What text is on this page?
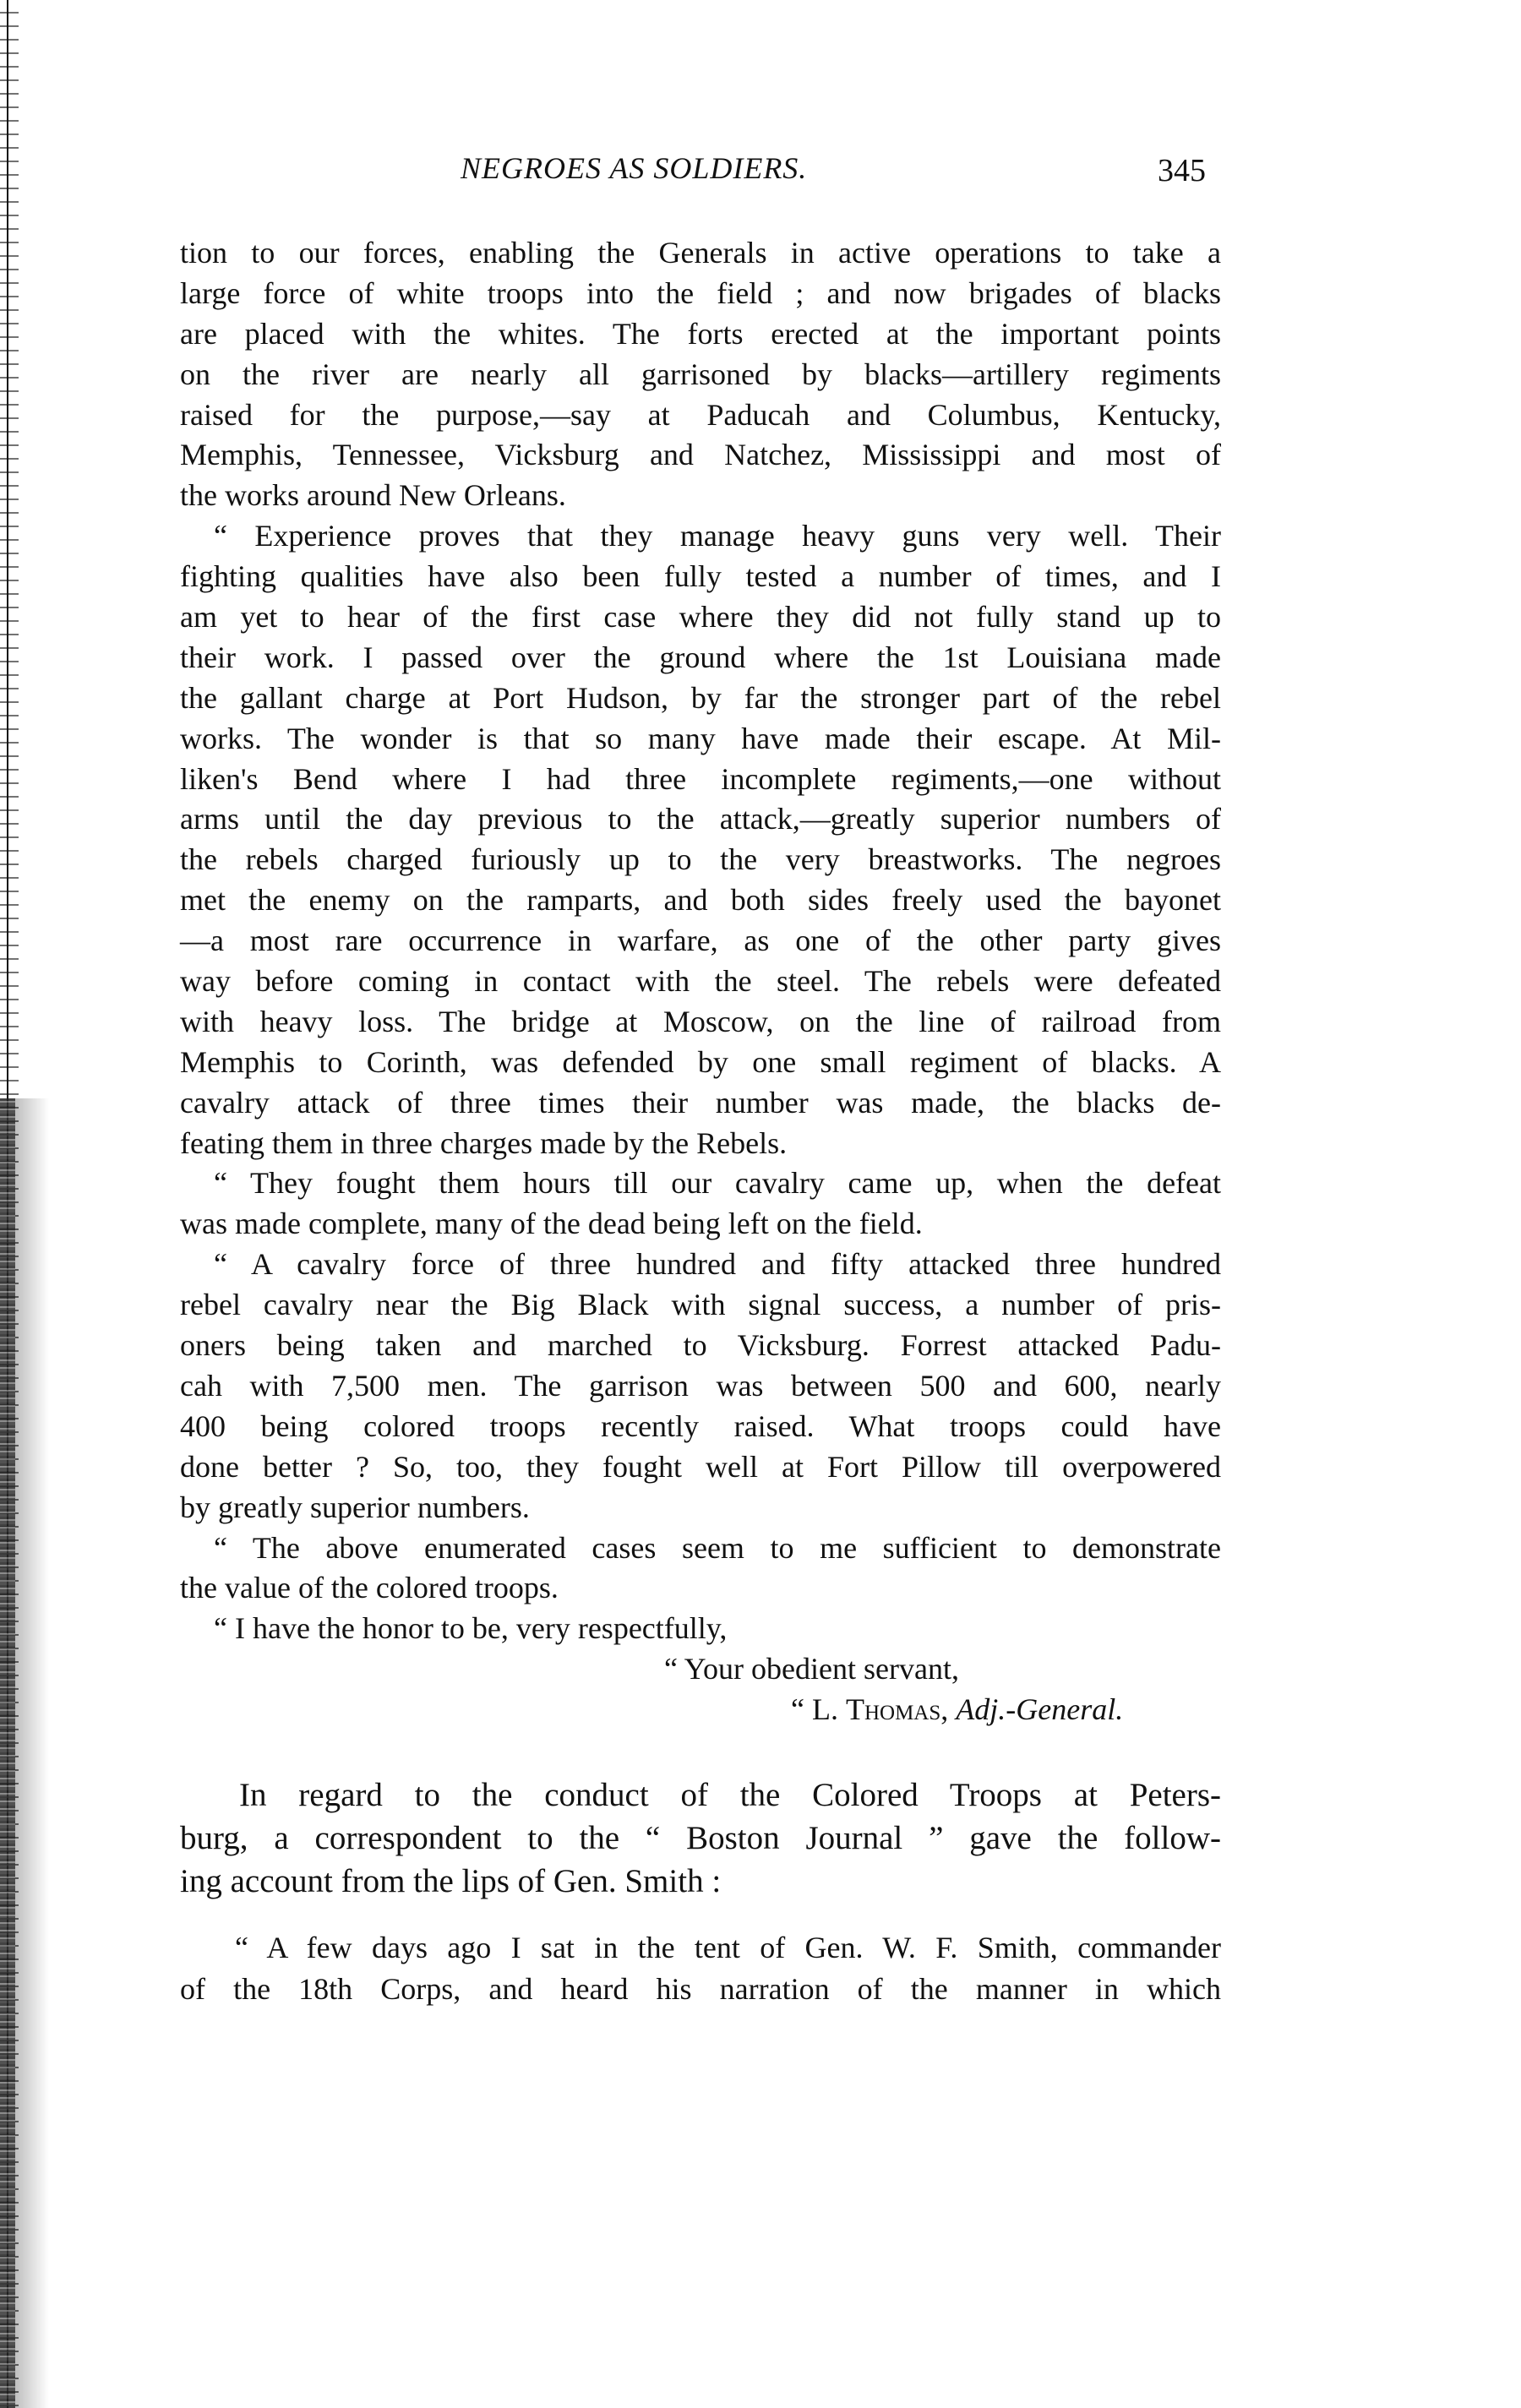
NEGROES AS SOLDIERS.	345
tion to our forces, enabling the Generals in active operations to take a
large force of white troops into the field ; and now brigades of blacks
are placed with the whites. The forts erected at the important points
on the river are nearly all garrisoned by blacks—artillery regiments
raised for the purpose,—say at Paducah and Columbus, Kentucky,
Memphis, Tennessee, Vicksburg and Natchez, Mississippi and most of
the works around New Orleans.
“ Experience proves that they manage heavy guns very well. Their
fighting qualities have also been fully tested a number of times, and I
am yet to hear of the first case where they did not fully stand up to
their work. I passed over the ground where the 1st Louisiana made
the gallant charge at Port Hudson, by far the stronger part of the rebel
works. The wonder is that so many have made their escape. At Mil-
liken's Bend where I had three incomplete regiments,—one without
arms until the day previous to the attack,—greatly superior numbers of
the rebels charged furiously up to the very breastworks. The negroes
met the enemy on the ramparts, and both sides freely used the bayonet
—a most rare occurrence in warfare, as one of the other party gives
way before coming in contact with the steel. The rebels were defeated
with heavy loss. The bridge at Moscow, on the line of railroad from
Memphis to Corinth, was defended by one small regiment of blacks. A
cavalry attack of three times their number was made, the blacks de-
feating them in three charges made by the Rebels.
“ They fought them hours till our cavalry came up, when the defeat
was made complete, many of the dead being left on the field.
“ A cavalry force of three hundred and fifty attacked three hundred
rebel cavalry near the Big Black with signal success, a number of pris-
oners being taken and marched to Vicksburg. Forrest attacked Padu-
cah with 7,500 men. The garrison was between 500 and 600, nearly
400 being colored troops recently raised. What troops could have
done better ? So, too, they fought well at Fort Pillow till overpowered
by greatly superior numbers.
“ The above enumerated cases seem to me sufficient to demonstrate
the value of the colored troops.
“ I have the honor to be, very respectfully,
“ Your obedient servant,
“ L. Thomas, Adj.-General.
In regard to the conduct of the Colored Troops at Peters-
burg, a correspondent to the “ Boston Journal ” gave the follow-
ing account from the lips of Gen. Smith :
“ A few days ago I sat in the tent of Gen. W. F. Smith, commander
of the 18th Corps, and heard his narration of the manner in which
